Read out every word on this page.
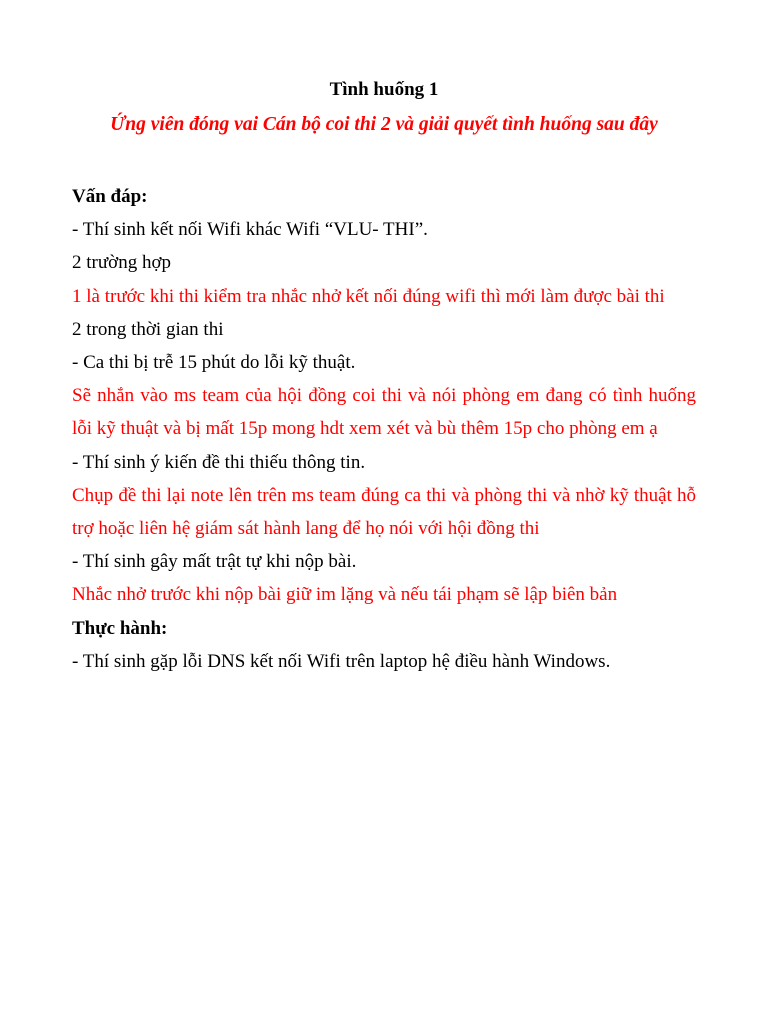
Tình huống 1
Ứng viên đóng vai Cán bộ coi thi 2 và giải quyết tình huống sau đây

Vấn đáp:

- Thí sinh kết nối Wifi khác Wifi “VLU- THI”.

2 trường hợp

1 là trước khi thi kiểm tra nhắc nhở kết nối đúng wifi thì mới làm được bài thi

2 trong thời gian thi

- Ca thi bị trễ 15 phút do lỗi kỹ thuật.

Sẽ nhắn vào ms team của hội đồng coi thi và nói phòng em đang có tình huống lỗi kỹ thuật và bị mất 15p mong hdt xem xét và bù thêm 15p cho phòng em ạ

- Thí sinh ý kiến đề thi thiếu thông tin.

Chụp đề thi lại note lên trên ms team đúng ca thi và phòng thi và nhờ kỹ thuật hỗ trợ hoặc liên hệ giám sát hành lang để họ nói với hội đồng thi

- Thí sinh gây mất trật tự khi nộp bài.

Nhắc nhở trước khi nộp bài giữ im lặng và nếu tái phạm sẽ lập biên bản

Thực hành:

- Thí sinh gặp lỗi DNS kết nối Wifi trên laptop hệ điều hành Windows.
